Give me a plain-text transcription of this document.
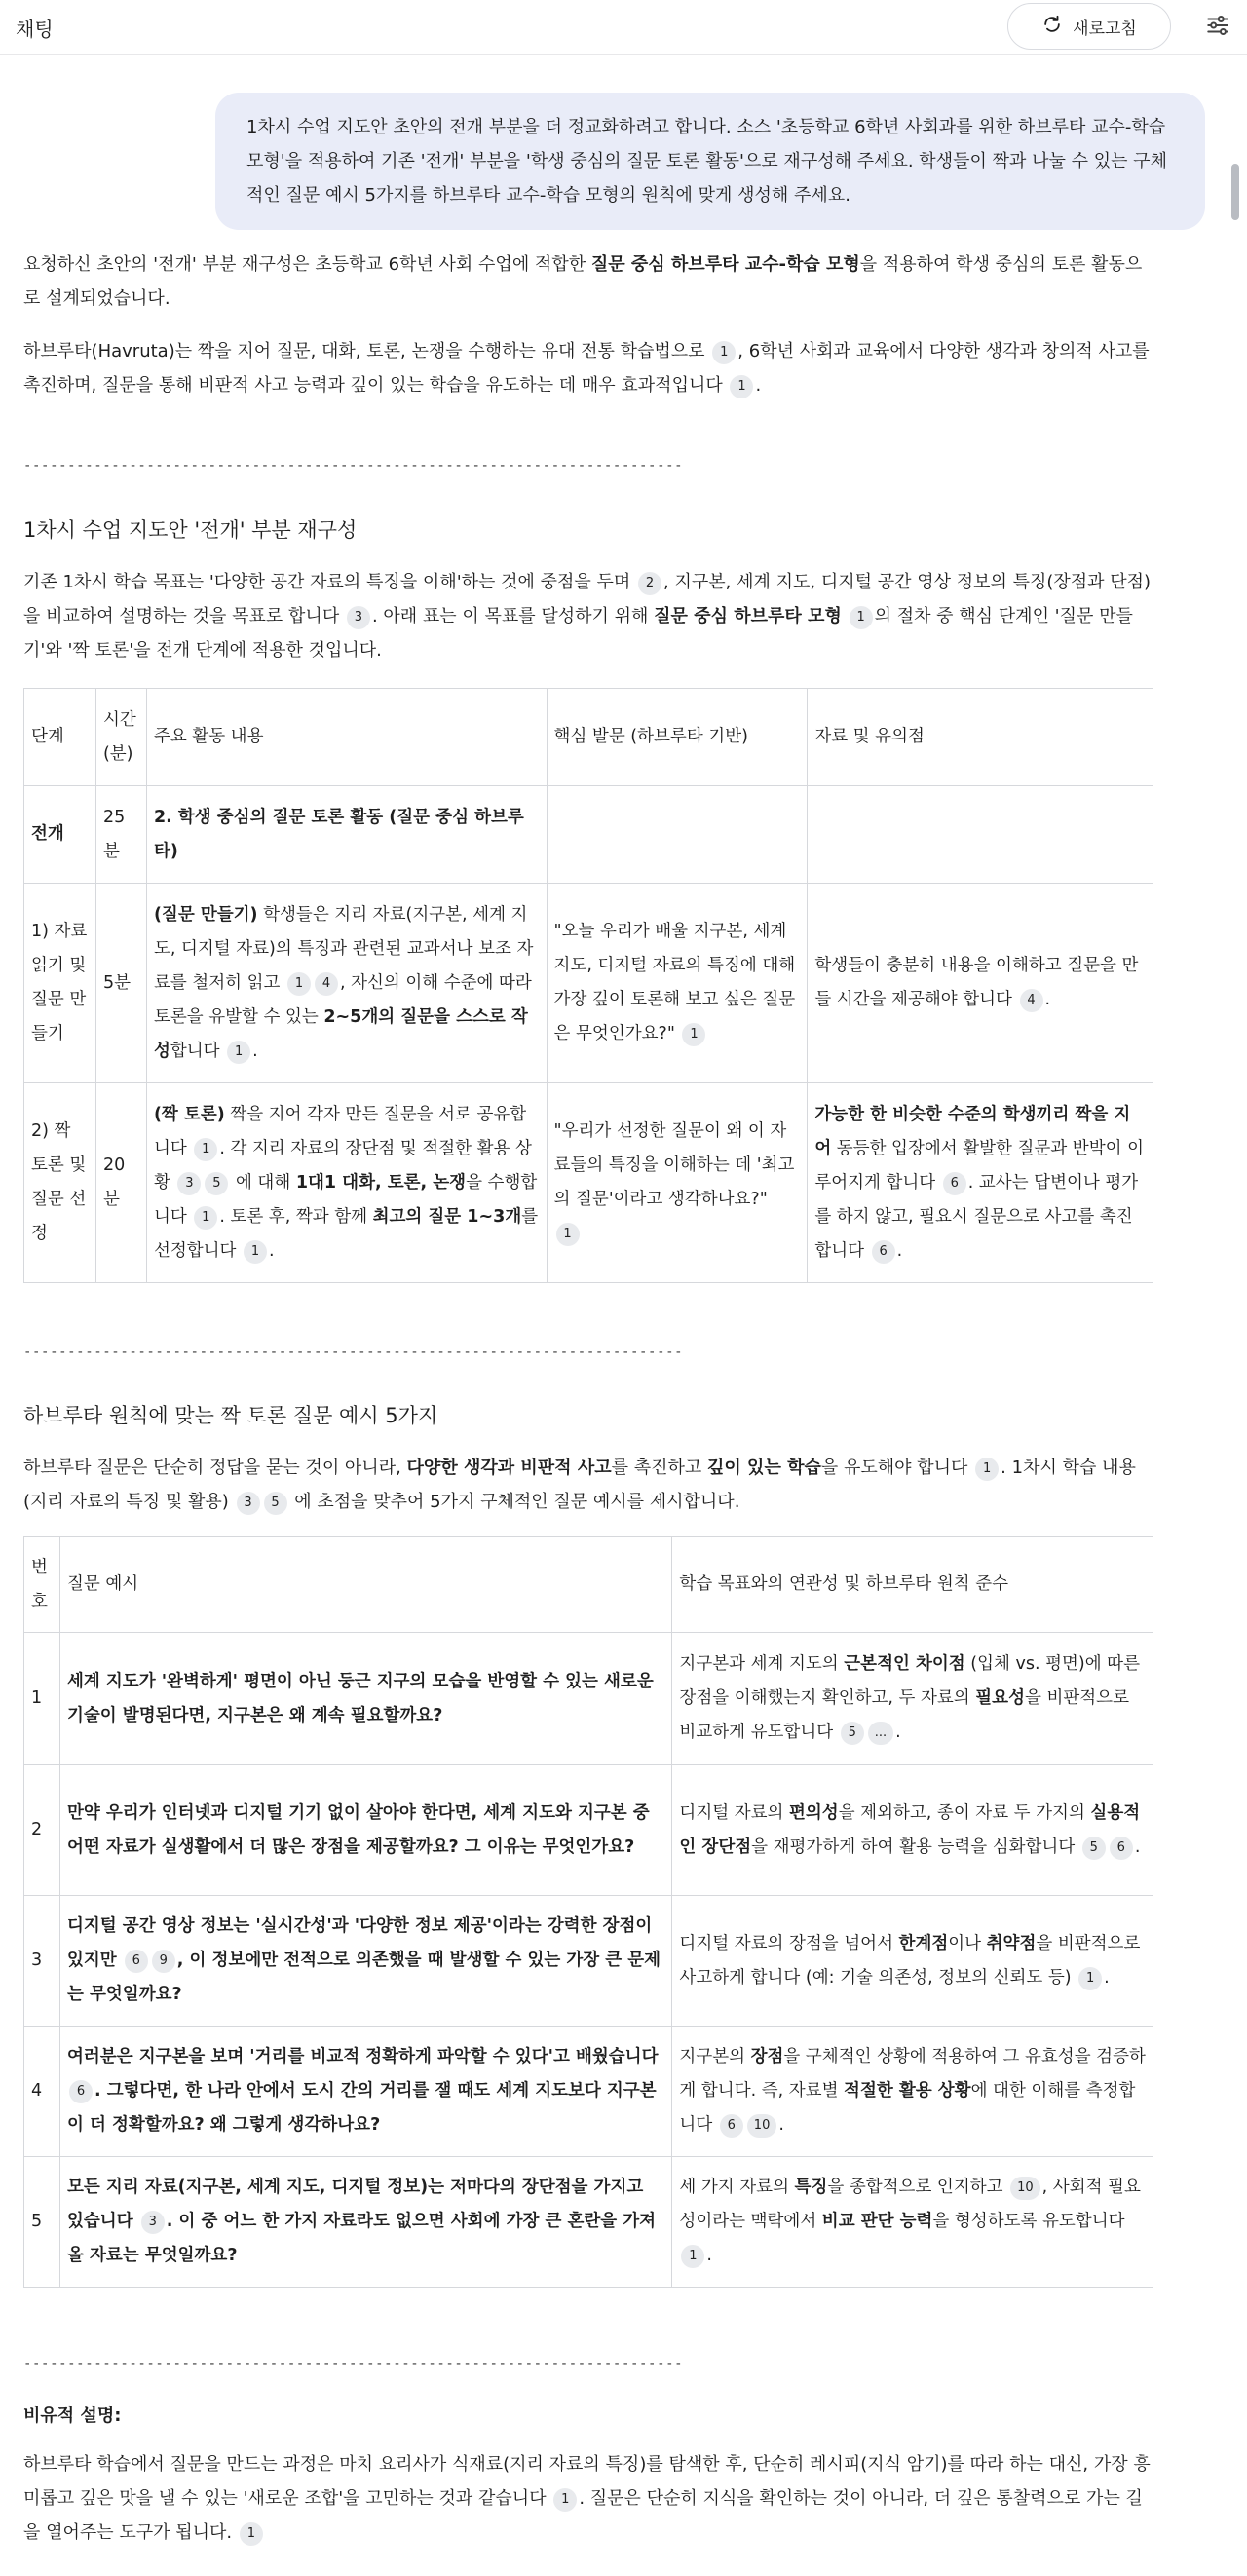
채팅	새로고침
1차시 수업 지도안 초안의 전개 부분을 더 정교화하려고 합니다. 소스 '초등학교 6학년 사회과를 위한 하브루타 교수-학습 모형'을 적용하여 기존 '전개' 부분을 '학생 중심의 질문 토론 활동'으로 재구성해 주세요. 학생들이 짝과 나눌 수 있는 구체적인 질문 예시 5가지를 하브루타 교수-학습 모형의 원칙에 맞게 생성해 주세요.
요청하신 초안의 '전개' 부분 재구성은 초등학교 6학년 사회 수업에 적합한 질문 중심 하브루타 교수-학습 모형을 적용하여 학생 중심의 토론 활동으로 설계되었습니다.
하브루타(Havruta)는 짝을 지어 질문, 대화, 토론, 논쟁을 수행하는 유대 전통 학습법으로 1 , 6학년 사회과 교육에서 다양한 생각과 창의적 사고를 촉진하며, 질문을 통해 비판적 사고 능력과 깊이 있는 학습을 유도하는 데 매우 효과적입니다 1 .
---------------------------------------------------------------------------
1차시 수업 지도안 '전개' 부분 재구성
기존 1차시 학습 목표는 '다양한 공간 자료의 특징을 이해'하는 것에 중점을 두며 2 , 지구본, 세계 지도, 디지털 공간 영상 정보의 특징(장점과 단점)을 비교하여 설명하는 것을 목표로 합니다 3 . 아래 표는 이 목표를 달성하기 위해 질문 중심 하브루타 모형 1 의 절차 중 핵심 단계인 '질문 만들기'와 '짝 토론'을 전개 단계에 적용한 것입니다.
단계	시간 (분)	주요 활동 내용	핵심 발문 (하브루타 기반)	자료 및 유의점
전개	25분	2. 학생 중심의 질문 토론 활동 (질문 중심 하브루타)		
1) 자료 읽기 및 질문 만들기	5분	(질문 만들기) 학생들은 지리 자료(지구본, 세계 지도, 디지털 자료)의 특징과 관련된 교과서나 보조 자료를 철저히 읽고 1 4 , 자신의 이해 수준에 따라 토론을 유발할 수 있는 2~5개의 질문을 스스로 작성합니다 1 .	"오늘 우리가 배울 지구본, 세계 지도, 디지털 자료의 특징에 대해 가장 깊이 토론해 보고 싶은 질문은 무엇인가요?" 1	학생들이 충분히 내용을 이해하고 질문을 만들 시간을 제공해야 합니다 4 .
2) 짝 토론 및 질문 선정	20분	(짝 토론) 짝을 지어 각자 만든 질문을 서로 공유합니다 1 . 각 지리 자료의 장단점 및 적절한 활용 상황 3 5 에 대해 1대1 대화, 토론, 논쟁을 수행합니다 1 . 토론 후, 짝과 함께 최고의 질문 1~3개를 선정합니다 1 .	"우리가 선정한 질문이 왜 이 자료들의 특징을 이해하는 데 '최고의 질문'이라고 생각하나요?" 1	가능한 한 비슷한 수준의 학생끼리 짝을 지어 동등한 입장에서 활발한 질문과 반박이 이루어지게 합니다 6 . 교사는 답변이나 평가를 하지 않고, 필요시 질문으로 사고를 촉진합니다 6 .
---------------------------------------------------------------------------
하브루타 원칙에 맞는 짝 토론 질문 예시 5가지
하브루타 질문은 단순히 정답을 묻는 것이 아니라, 다양한 생각과 비판적 사고를 촉진하고 깊이 있는 학습을 유도해야 합니다 1 . 1차시 학습 내용(지리 자료의 특징 및 활용) 3 5 에 초점을 맞추어 5가지 구체적인 질문 예시를 제시합니다.
번호	질문 예시	학습 목표와의 연관성 및 하브루타 원칙 준수
1	세계 지도가 '완벽하게' 평면이 아닌 둥근 지구의 모습을 반영할 수 있는 새로운 기술이 발명된다면, 지구본은 왜 계속 필요할까요?	지구본과 세계 지도의 근본적인 차이점 (입체 vs. 평면)에 따른 장점을 이해했는지 확인하고, 두 자료의 필요성을 비판적으로 비교하게 유도합니다 5 ... .
2	만약 우리가 인터넷과 디지털 기기 없이 살아야 한다면, 세계 지도와 지구본 중 어떤 자료가 실생활에서 더 많은 장점을 제공할까요? 그 이유는 무엇인가요?	디지털 자료의 편의성을 제외하고, 종이 자료 두 가지의 실용적인 장단점을 재평가하게 하여 활용 능력을 심화합니다 5 6 .
3	디지털 공간 영상 정보는 '실시간성'과 '다양한 정보 제공'이라는 강력한 장점이 있지만 6 9 , 이 정보에만 전적으로 의존했을 때 발생할 수 있는 가장 큰 문제는 무엇일까요?	디지털 자료의 장점을 넘어서 한계점이나 취약점을 비판적으로 사고하게 합니다 (예: 기술 의존성, 정보의 신뢰도 등) 1 .
4	여러분은 지구본을 보며 '거리를 비교적 정확하게 파악할 수 있다'고 배웠습니다 6 . 그렇다면, 한 나라 안에서 도시 간의 거리를 잴 때도 세계 지도보다 지구본이 더 정확할까요? 왜 그렇게 생각하나요?	지구본의 장점을 구체적인 상황에 적용하여 그 유효성을 검증하게 합니다. 즉, 자료별 적절한 활용 상황에 대한 이해를 측정합니다 6 10 .
5	모든 지리 자료(지구본, 세계 지도, 디지털 정보)는 저마다의 장단점을 가지고 있습니다 3 . 이 중 어느 한 가지 자료라도 없으면 사회에 가장 큰 혼란을 가져올 자료는 무엇일까요?	세 가지 자료의 특징을 종합적으로 인지하고 10 , 사회적 필요성이라는 맥락에서 비교 판단 능력을 형성하도록 유도합니다 1 .
---------------------------------------------------------------------------
비유적 설명:
하브루타 학습에서 질문을 만드는 과정은 마치 요리사가 식재료(지리 자료의 특징)를 탐색한 후, 단순히 레시피(지식 암기)를 따라 하는 대신, 가장 흥미롭고 깊은 맛을 낼 수 있는 '새로운 조합'을 고민하는 것과 같습니다 1 . 질문은 단순히 지식을 확인하는 것이 아니라, 더 깊은 통찰력으로 가는 길을 열어주는 도구가 됩니다. 1
